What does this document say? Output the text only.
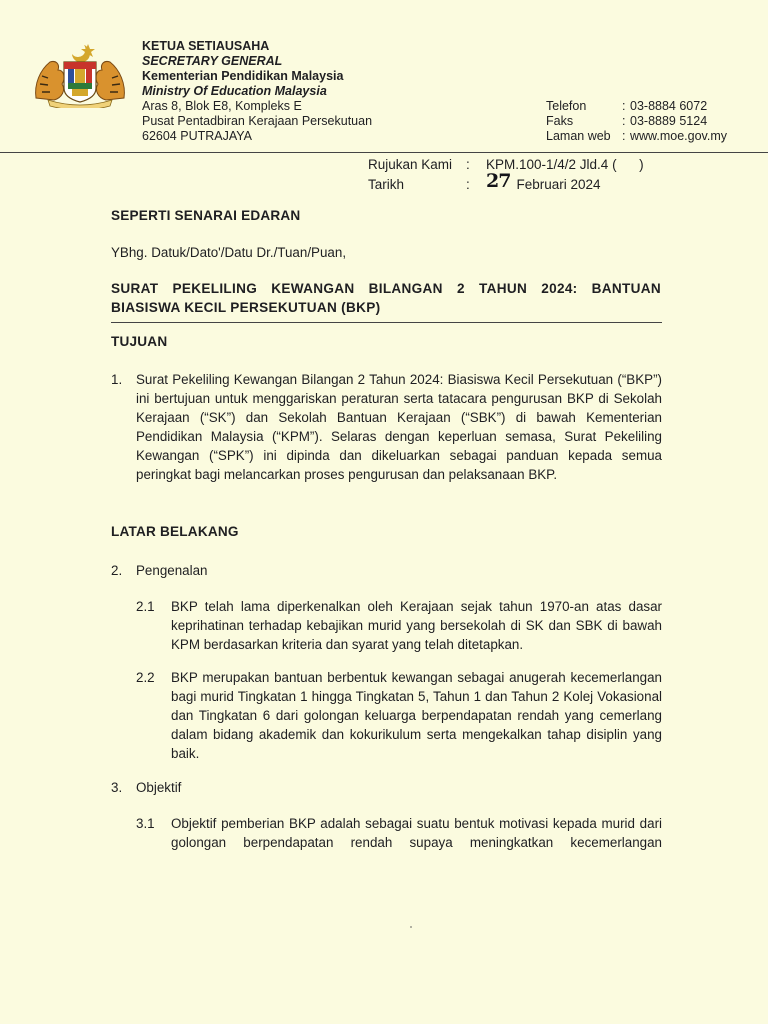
KETUA SETIAUSAHA
SECRETARY GENERAL
Kementerian Pendidikan Malaysia
Ministry Of Education Malaysia
Aras 8, Blok E8, Kompleks E
Pusat Pentadbiran Kerajaan Persekutuan
62604 PUTRAJAYA
Telefon	: 03-8884 6072
Faks	: 03-8889 5124
Laman web : www.moe.gov.my
Rujukan Kami	:	KPM.100-1/4/2 Jld.4 (      )
Tarikh	: 27 Februari 2024
SEPERTI SENARAI EDARAN
YBhg. Datuk/Dato'/Datu Dr./Tuan/Puan,
SURAT PEKELILING KEWANGAN BILANGAN 2 TAHUN 2024: BANTUAN BIASISWA KECIL PERSEKUTUAN (BKP)
TUJUAN
1. Surat Pekeliling Kewangan Bilangan 2 Tahun 2024: Biasiswa Kecil Persekutuan (“BKP”) ini bertujuan untuk menggariskan peraturan serta tatacara pengurusan BKP di Sekolah Kerajaan (“SK”) dan Sekolah Bantuan Kerajaan (“SBK”) di bawah Kementerian Pendidikan Malaysia (“KPM”). Selaras dengan keperluan semasa, Surat Pekeliling Kewangan (“SPK”) ini dipinda dan dikeluarkan sebagai panduan kepada semua peringkat bagi melancarkan proses pengurusan dan pelaksanaan BKP.
LATAR BELAKANG
2. Pengenalan
2.1 BKP telah lama diperkenalkan oleh Kerajaan sejak tahun 1970-an atas dasar keprihatinan terhadap kebajikan murid yang bersekolah di SK dan SBK di bawah KPM berdasarkan kriteria dan syarat yang telah ditetapkan.
2.2 BKP merupakan bantuan berbentuk kewangan sebagai anugerah kecemerlangan bagi murid Tingkatan 1 hingga Tingkatan 5, Tahun 1 dan Tahun 2 Kolej Vokasional dan Tingkatan 6 dari golongan keluarga berpendapatan rendah yang cemerlang dalam bidang akademik dan kokurikulum serta mengekalkan tahap disiplin yang baik.
3. Objektif
3.1 Objektif pemberian BKP adalah sebagai suatu bentuk motivasi kepada murid dari golongan berpendapatan rendah supaya meningkatkan kecemerlangan
